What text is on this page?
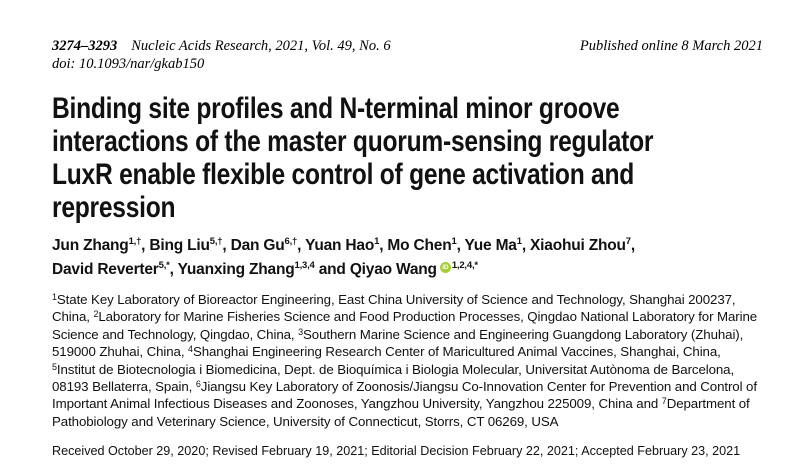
3274–3293 Nucleic Acids Research, 2021, Vol. 49, No. 6
doi: 10.1093/nar/gkab150
Published online 8 March 2021
Binding site profiles and N-terminal minor groove
interactions of the master quorum-sensing regulator
LuxR enable flexible control of gene activation and
repression
Jun Zhang$^{1,\dagger}$, Bing Liu$^{5,\dagger}$, Dan $Gu^{6,\dagger}$, Yuan Hao$^1$, Mo Chen$^1$, Yue Ma$^1$, Xiaohui Zhou$^7$,
David Reverter$^{5,*}$, Yuanxing Zhang$^{1,3,4}$ and Qiyao Wang iD $^{1,2,4,*}$

$^1$State Key Laboratory of Bioreactor Engineering, East China University of Science and Technology, Shanghai 200237, China, $^2$Laboratory for Marine Fisheries Science and Food Production Processes, Qingdao National Laboratory for Marine Science and Technology, Qingdao, China, $^3$Southern Marine Science and Engineering Guangdong Laboratory (Zhuhai), 519000 Zhuhai, China, $^4$Shanghai Engineering Research Center of Maricultured Animal Vaccines, Shanghai, China, $^5$Institut de Biotecnologia i Biomedicina, Dept. de Bioquímica i Biologia Molecular, Universitat Autònoma de Barcelona, 08193 Bellaterra, Spain, $^6$Jiangsu Key Laboratory of Zoonosis/Jiangsu Co-Innovation Center for Prevention and Control of Important Animal Infectious Diseases and Zoonoses, Yangzhou University, Yangzhou 225009, China and $^7$Department of Pathobiology and Veterinary Science, University of Connecticut, Storrs, CT 06269, USA

Received October 29, 2020; Revised February 19, 2021; Editorial Decision February 22, 2021; Accepted February 23, 2021
